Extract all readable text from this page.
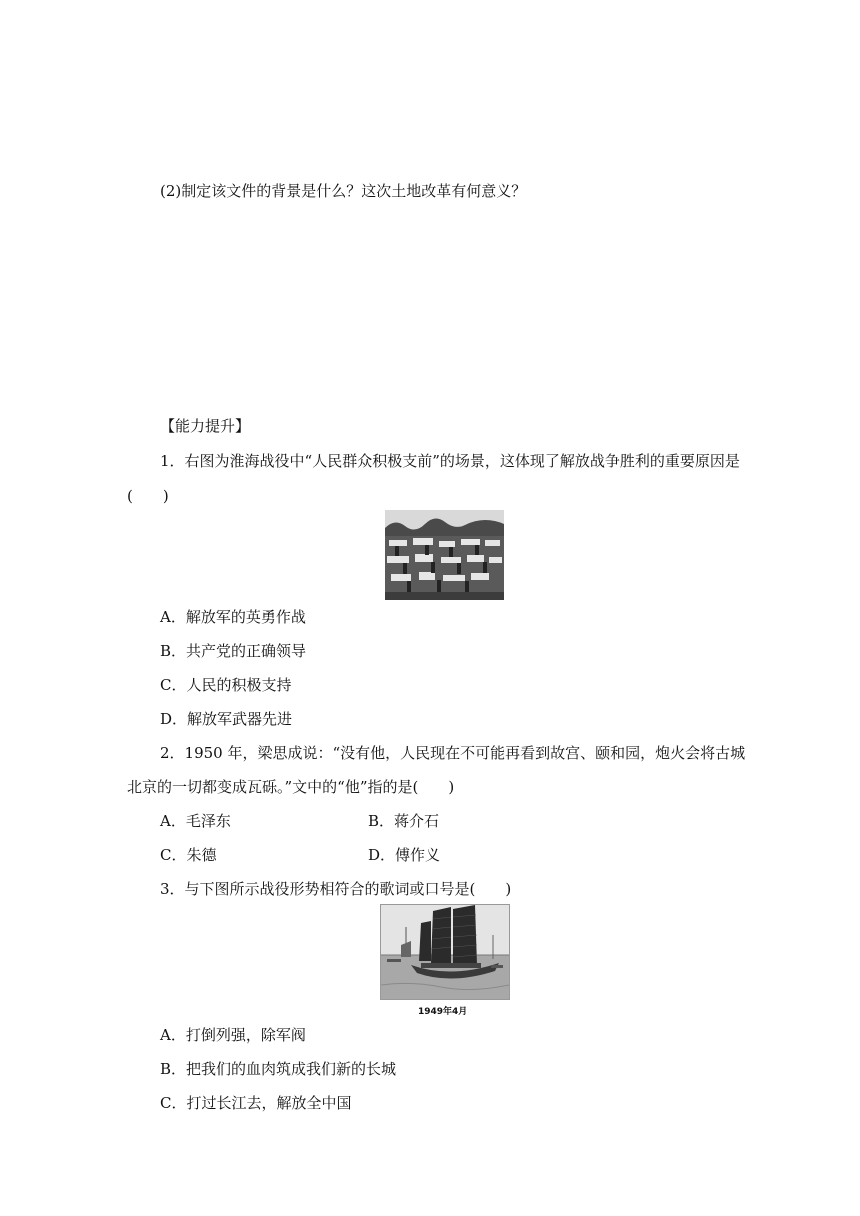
(2)制定该文件的背景是什么？这次土地改革有何意义？
【能力提升】
1．右图为淮海战役中“人民群众积极支前”的场景，这体现了解放战争胜利的重要原因是
(　　)
A．解放军的英勇作战
B．共产党的正确领导
C．人民的积极支持
D．解放军武器先进
2．1950 年，梁思成说：“没有他，人民现在不可能再看到故宫、颐和园，炮火会将古城
北京的一切都变成瓦砾。”文中的“他”指的是(　　)
A．毛泽东	B．蒋介石
C．朱德	D．傅作义
3．与下图所示战役形势相符合的歌词或口号是(　　)
1949年4月
A．打倒列强，除军阀
B．把我们的血肉筑成我们新的长城
C．打过长江去，解放全中国
